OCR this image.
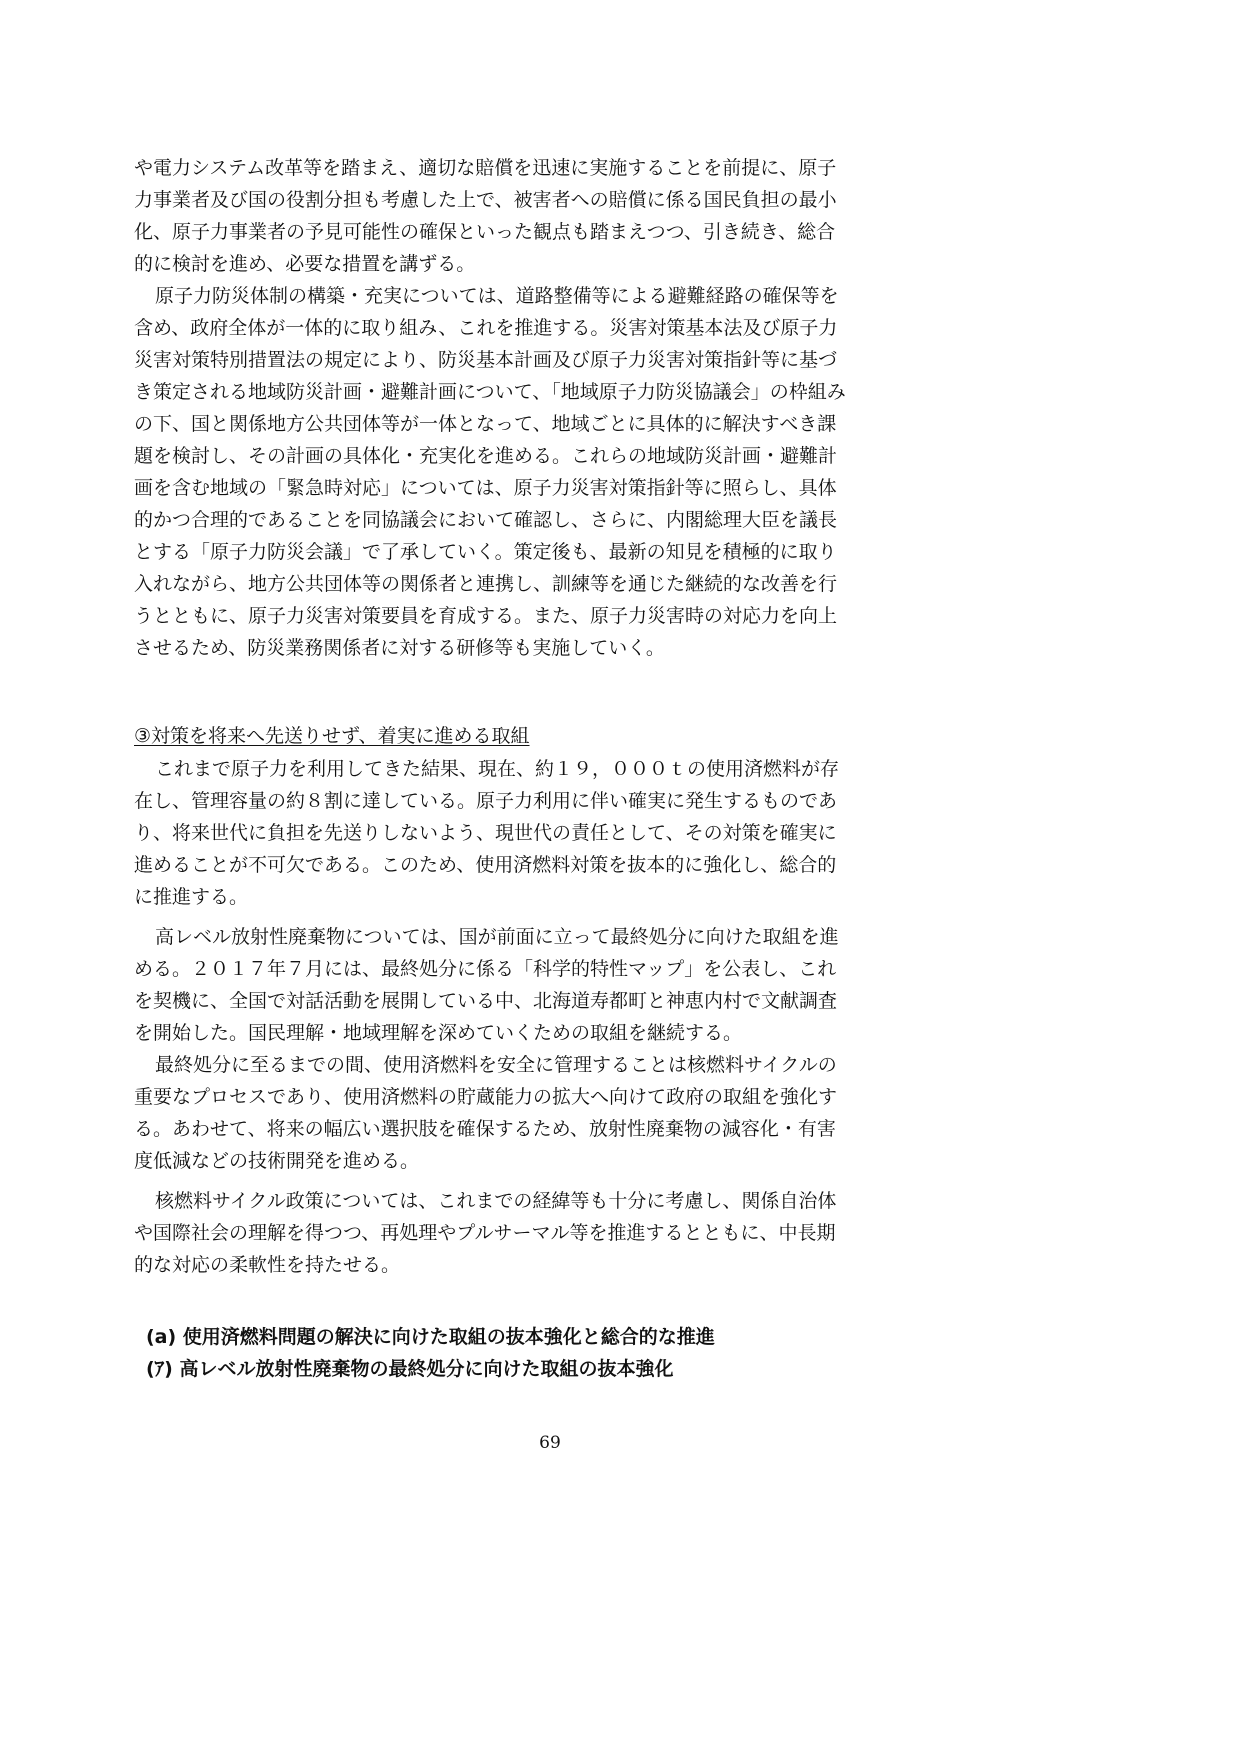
や電力システム改革等を踏まえ、適切な賠償を迅速に実施することを前提に、原子
力事業者及び国の役割分担も考慮した上で、被害者への賠償に係る国民負担の最小
化、原子力事業者の予見可能性の確保といった観点も踏まえつつ、引き続き、総合
的に検討を進め、必要な措置を講ずる。
原子力防災体制の構築・充実については、道路整備等による避難経路の確保等を
含め、政府全体が一体的に取り組み、これを推進する。災害対策基本法及び原子力
災害対策特別措置法の規定により、防災基本計画及び原子力災害対策指針等に基づ
き策定される地域防災計画・避難計画について、「地域原子力防災協議会」の枠組み
の下、国と関係地方公共団体等が一体となって、地域ごとに具体的に解決すべき課
題を検討し、その計画の具体化・充実化を進める。これらの地域防災計画・避難計
画を含む地域の「緊急時対応」については、原子力災害対策指針等に照らし、具体
的かつ合理的であることを同協議会において確認し、さらに、内閣総理大臣を議長
とする「原子力防災会議」で了承していく。策定後も、最新の知見を積極的に取り
入れながら、地方公共団体等の関係者と連携し、訓練等を通じた継続的な改善を行
うとともに、原子力災害対策要員を育成する。また、原子力災害時の対応力を向上
させるため、防災業務関係者に対する研修等も実施していく。
③対策を将来へ先送りせず、着実に進める取組
これまで原子力を利用してきた結果、現在、約１９，０００ｔの使用済燃料が存
在し、管理容量の約８割に達している。原子力利用に伴い確実に発生するものであ
り、将来世代に負担を先送りしないよう、現世代の責任として、その対策を確実に
進めることが不可欠である。このため、使用済燃料対策を抜本的に強化し、総合的
に推進する。
高レベル放射性廃棄物については、国が前面に立って最終処分に向けた取組を進
める。２０１７年７月には、最終処分に係る「科学的特性マップ」を公表し、これ
を契機に、全国で対話活動を展開している中、北海道寿都町と神恵内村で文献調査
を開始した。国民理解・地域理解を深めていくための取組を継続する。
最終処分に至るまでの間、使用済燃料を安全に管理することは核燃料サイクルの
重要なプロセスであり、使用済燃料の貯蔵能力の拡大へ向けて政府の取組を強化す
る。あわせて、将来の幅広い選択肢を確保するため、放射性廃棄物の減容化・有害
度低減などの技術開発を進める。
核燃料サイクル政策については、これまでの経緯等も十分に考慮し、関係自治体
や国際社会の理解を得つつ、再処理やプルサーマル等を推進するとともに、中長期
的な対応の柔軟性を持たせる。
(a) 使用済燃料問題の解決に向けた取組の抜本強化と総合的な推進
(ｱ) 高レベル放射性廃棄物の最終処分に向けた取組の抜本強化
69
